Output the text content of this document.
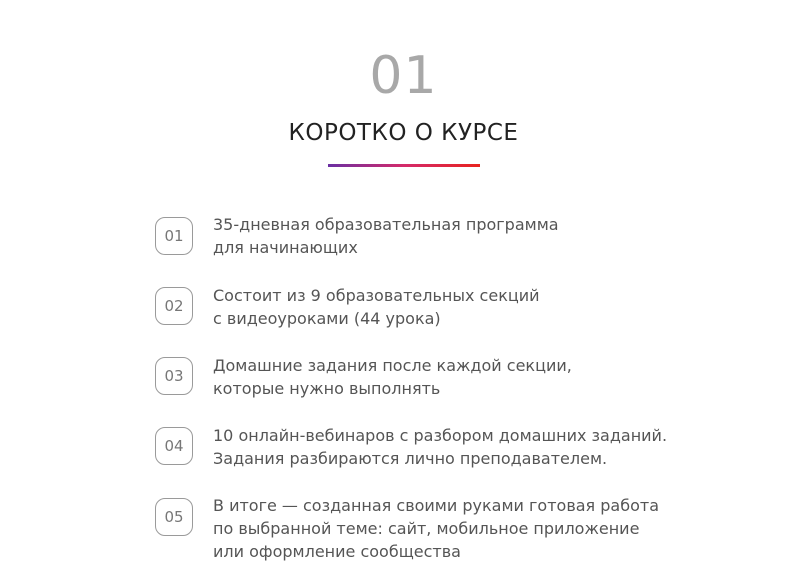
01
КОРОТКО О КУРСЕ
01
35-дневная образовательная программа
для начинающих
02
Состоит из 9 образовательных секций
с видеоуроками (44 урока)
03
Домашние задания после каждой секции,
которые нужно выполнять
04
10 онлайн-вебинаров с разбором домашних заданий.
Задания разбираются лично преподавателем.
05
В итоге — созданная своими руками готовая работа
по выбранной теме: сайт, мобильное приложение
или оформление сообщества
